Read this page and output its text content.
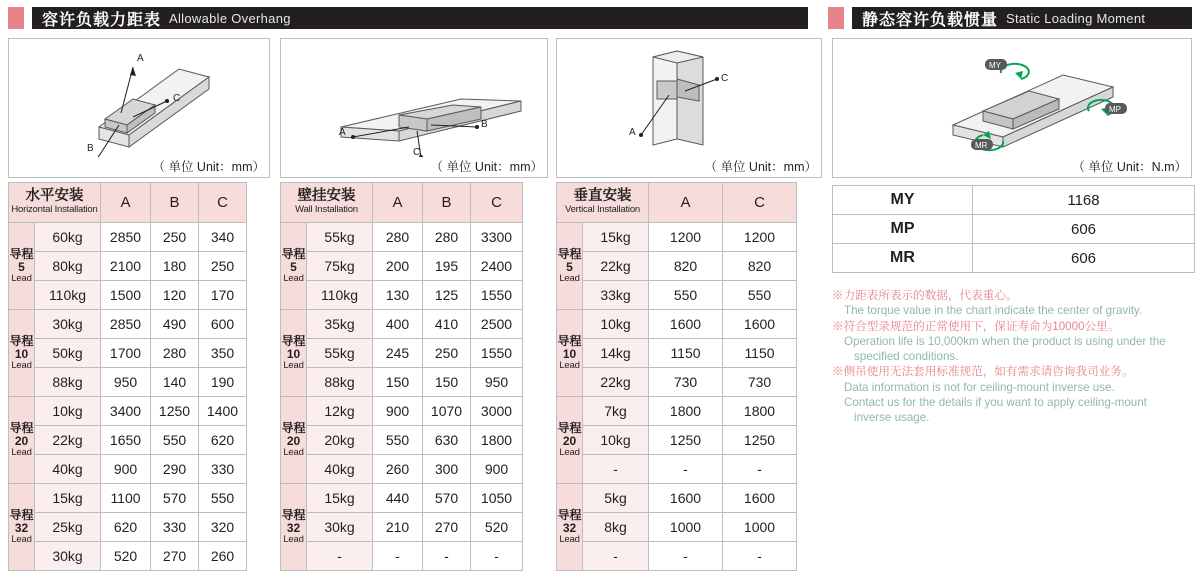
容许负载力距表 Allowable Overhang	静态容许负载惯量 Static Loading Moment
A
B
C
（ 单位 Unit：mm）
A
B
C
（ 单位 Unit：mm）
A
C
（ 单位 Unit：mm）
MY
MP
MR
（ 单位 Unit：N.m）
水平安装
Horizontal Installation		A	B	C

导程
5
Lead	60kg	2850	250	340
	80kg	2100	180	250
	110kg	1500	120	170

导程
10
Lead	30kg	2850	490	600
	50kg	1700	280	350
	88kg	950	140	190

导程
20
Lead	10kg	3400	1250	1400
	22kg	1650	550	620
	40kg	900	290	330

导程
32
Lead	15kg	1100	570	550
	25kg	620	330	320
	30kg	520	270	260
壁挂安装
Wall Installation		A	B	C

导程
5
Lead	55kg	280	280	3300
	75kg	200	195	2400
	110kg	130	125	1550

导程
10
Lead	35kg	400	410	2500
	55kg	245	250	1550
	88kg	150	150	950

导程
20
Lead	12kg	900	1070	3000
	20kg	550	630	1800
	40kg	260	300	900

导程
32
Lead	15kg	440	570	1050
	30kg	210	270	520
	-	-	-	-
垂直安装
Vertical Installation		A	C

导程
5
Lead	15kg	1200	1200
	22kg	820	820
	33kg	550	550

导程
10
Lead	10kg	1600	1600
	14kg	1150	1150
	22kg	730	730

导程
20
Lead	7kg	1800	1800
	10kg	1250	1250
	-	-	-

导程
32
Lead	5kg	1600	1600
	8kg	1000	1000
	-	-	-
MY	1168
MP	606
MR	606
※力距表所表示的数据，代表重心。
The torque value in the chart indicate the center of gravity.
※符合型录规范的正常使用下，保证寿命为10000公里。
Operation life is 10,000km when the product is using under the
specified conditions.
※侧吊使用无法套用标准规范，如有需求请咨询我司业务。
Data information is not for ceiling-mount inverse use.
Contact us for the details if you want to apply ceiling-mount
inverse usage.
